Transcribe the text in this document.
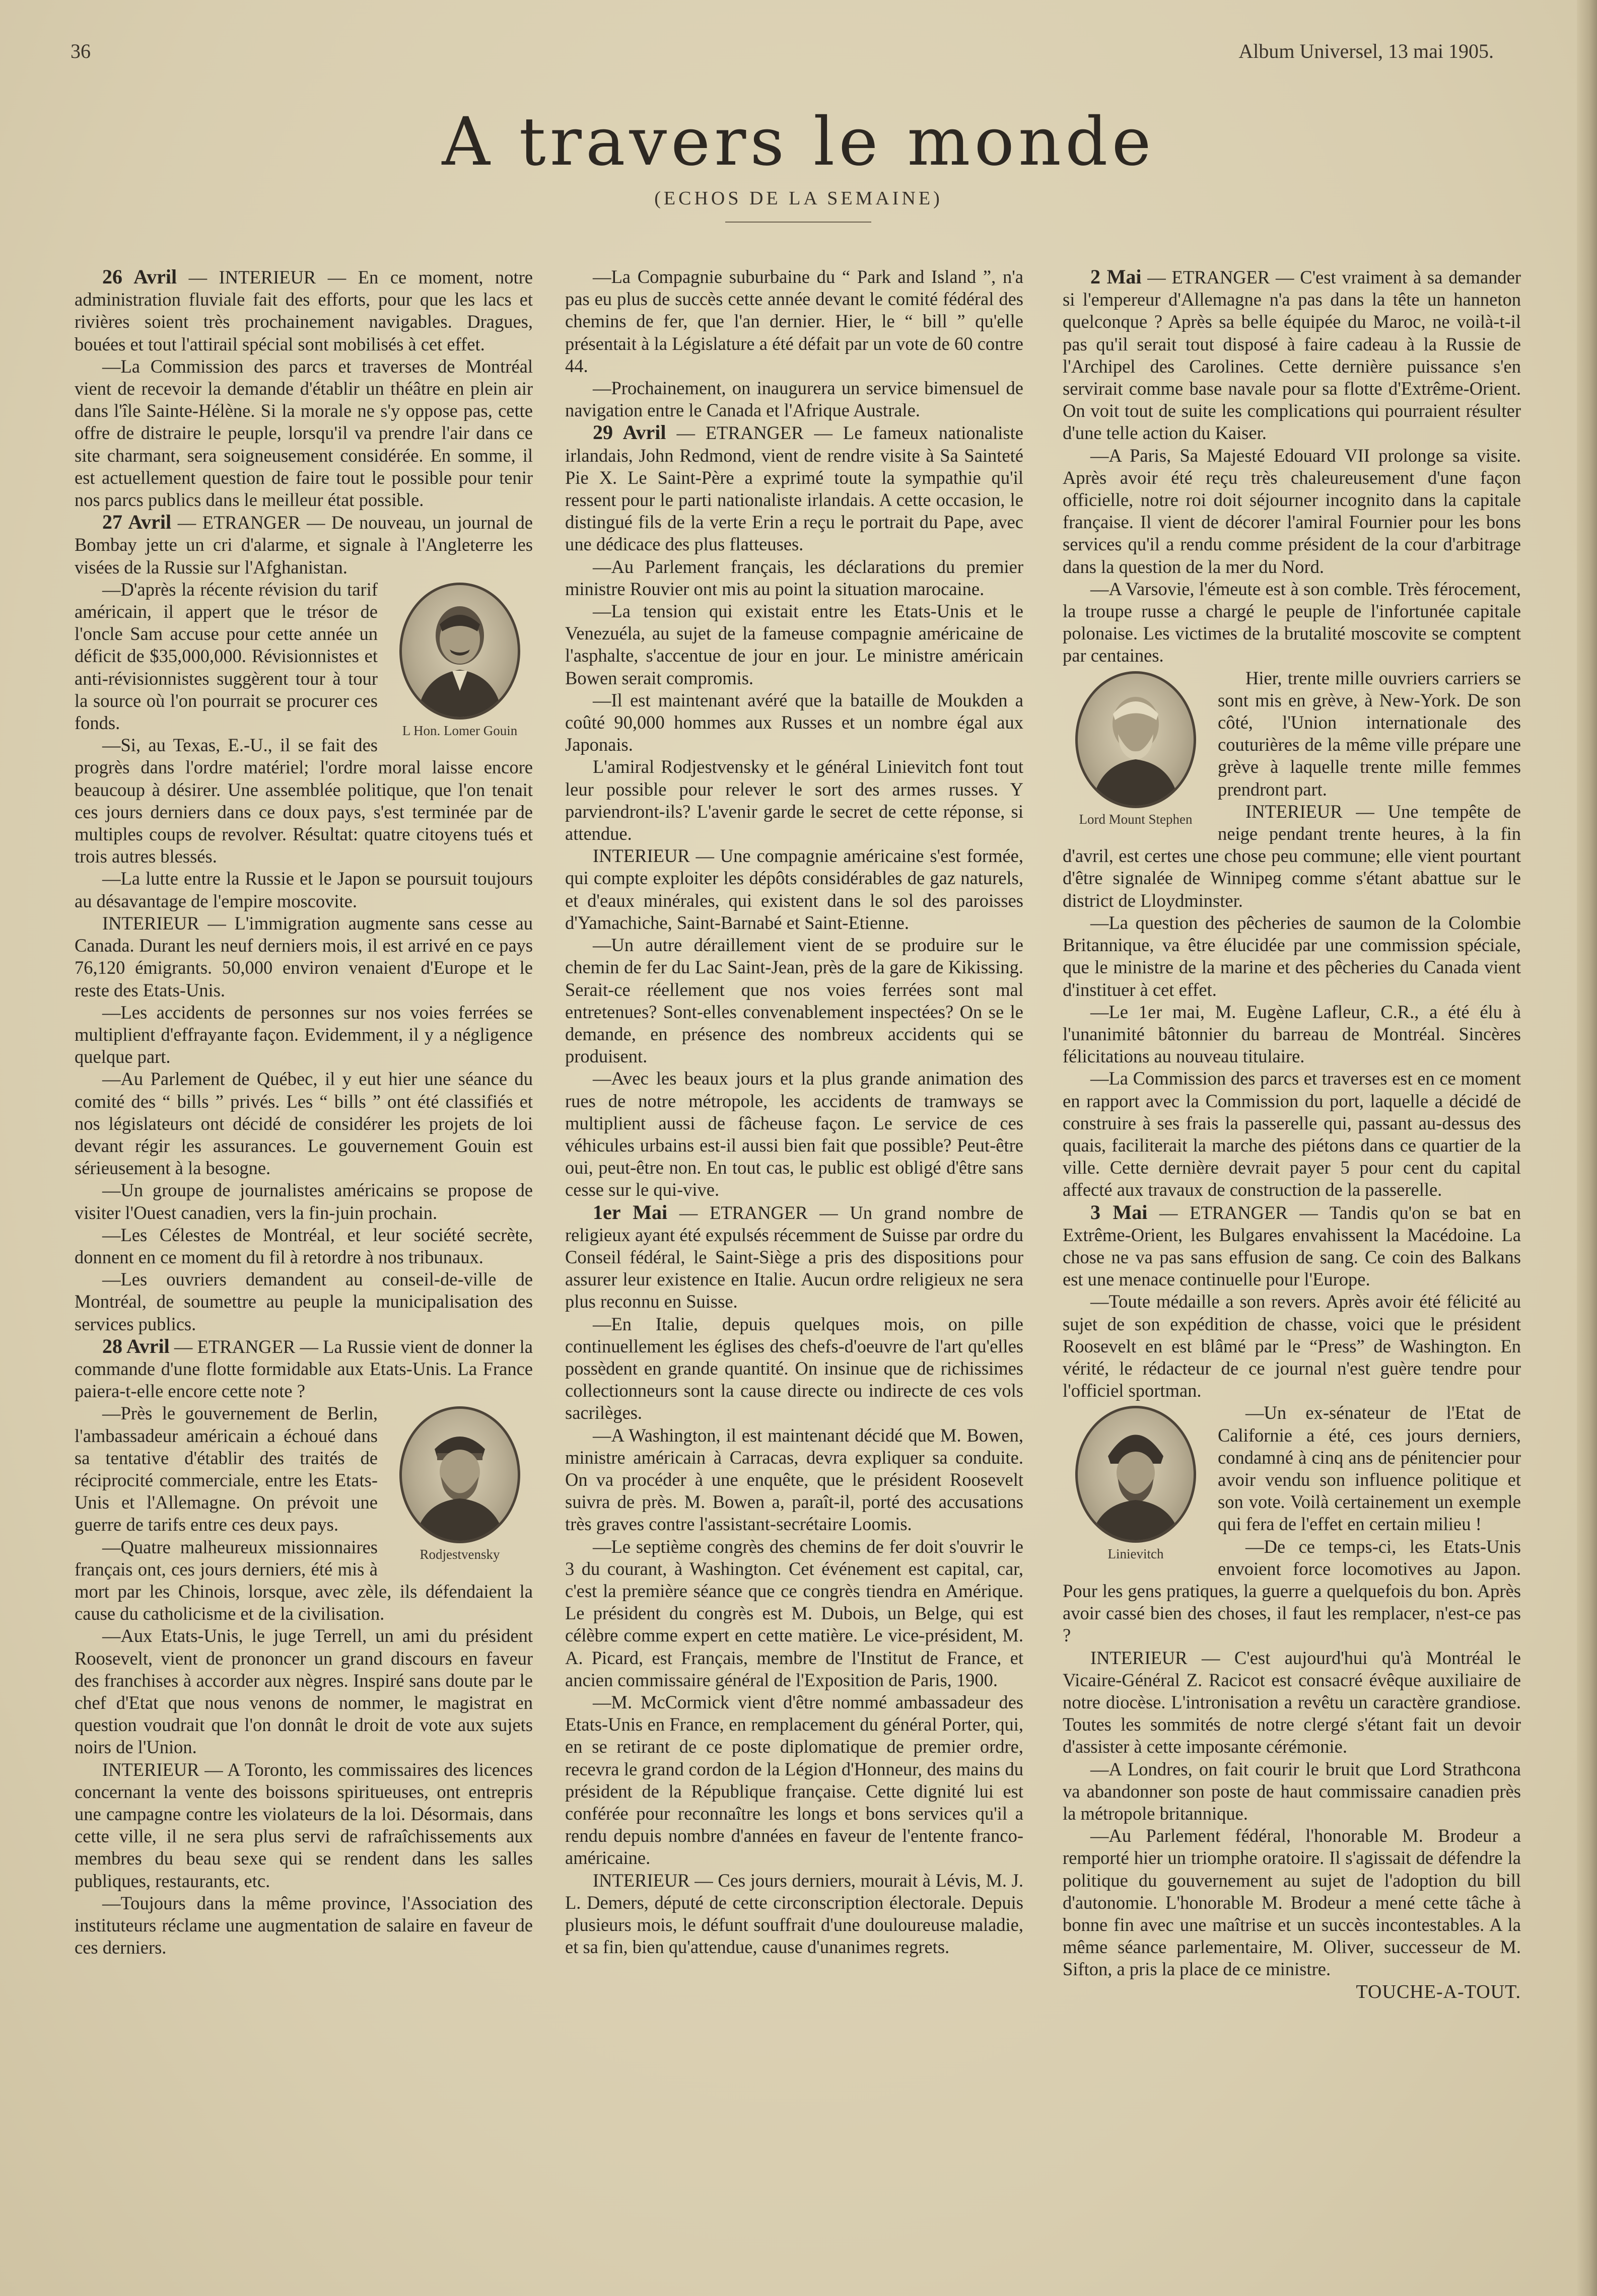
36	Album Universel, 13 mai 1905.
A travers le monde
(ECHOS DE LA SEMAINE)

26 Avril — INTERIEUR — En ce moment, notre administration fluviale fait des efforts, pour que les lacs et rivières soient très prochainement navigables. Dragues, bouées et tout l'attirail spécial sont mobilisés à cet effet.

—La Commission des parcs et traverses de Montréal vient de recevoir la demande d'établir un théâtre en plein air dans l'île Sainte-Hélène. Si la morale ne s'y oppose pas, cette offre de distraire le peuple, lorsqu'il va prendre l'air dans ce site charmant, sera soigneusement considérée. En somme, il est actuellement question de faire tout le possible pour tenir nos parcs publics dans le meilleur état possible.

27 Avril — ETRANGER — De nouveau, un journal de Bombay jette un cri d'alarme, et signale à l'Angleterre les visées de la Russie sur l'Afghanistan.

L Hon. Lomer Gouin

—D'après la récente révision du tarif américain, il appert que le trésor de l'oncle Sam accuse pour cette année un déficit de $35,000,000. Révisionnistes et anti-révisionnistes suggèrent tour à tour la source où l'on pourrait se procurer ces fonds.

—Si, au Texas, E.-U., il se fait des progrès dans l'ordre matériel; l'ordre moral laisse encore beaucoup à désirer. Une assemblée politique, que l'on tenait ces jours derniers dans ce doux pays, s'est terminée par de multiples coups de revolver. Résultat: quatre citoyens tués et trois autres blessés.

—La lutte entre la Russie et le Japon se poursuit toujours au désavantage de l'empire moscovite.

INTERIEUR — L'immigration augmente sans cesse au Canada. Durant les neuf derniers mois, il est arrivé en ce pays 76,120 émigrants. 50,000 environ venaient d'Europe et le reste des Etats-Unis.

—Les accidents de personnes sur nos voies ferrées se multiplient d'effrayante façon. Evidemment, il y a négligence quelque part.

—Au Parlement de Québec, il y eut hier une séance du comité des “ bills ” privés. Les “ bills ” ont été classifiés et nos législateurs ont décidé de considérer les projets de loi devant régir les assurances. Le gouvernement Gouin est sérieusement à la besogne.

—Un groupe de journalistes américains se propose de visiter l'Ouest canadien, vers la fin-juin prochain.

—Les Célestes de Montréal, et leur société secrète, donnent en ce moment du fil à retordre à nos tribunaux.

—Les ouvriers demandent au conseil-de-ville de Montréal, de soumettre au peuple la municipalisation des services publics.

28 Avril — ETRANGER — La Russie vient de donner la commande d'une flotte formidable aux Etats-Unis. La France paiera-t-elle encore cette note ?

Rodjestvensky

—Près le gouvernement de Berlin, l'ambassadeur américain a échoué dans sa tentative d'établir des traités de réciprocité commerciale, entre les Etats-Unis et l'Allemagne. On prévoit une guerre de tarifs entre ces deux pays.

—Quatre malheureux missionnaires français ont, ces jours derniers, été mis à mort par les Chinois, lorsque, avec zèle, ils défendaient la cause du catholicisme et de la civilisation.

—Aux Etats-Unis, le juge Terrell, un ami du président Roosevelt, vient de prononcer un grand discours en faveur des franchises à accorder aux nègres. Inspiré sans doute par le chef d'Etat que nous venons de nommer, le magistrat en question voudrait que l'on donnât le droit de vote aux sujets noirs de l'Union.

INTERIEUR — A Toronto, les commissaires des licences concernant la vente des boissons spiritueuses, ont entrepris une campagne contre les violateurs de la loi. Désormais, dans cette ville, il ne sera plus servi de rafraîchissements aux membres du beau sexe qui se rendent dans les salles publiques, restaurants, etc.

—Toujours dans la même province, l'Association des instituteurs réclame une augmentation de salaire en faveur de ces derniers.

—La Compagnie suburbaine du “ Park and Island ”, n'a pas eu plus de succès cette année devant le comité fédéral des chemins de fer, que l'an dernier. Hier, le “ bill ” qu'elle présentait à la Législature a été défait par un vote de 60 contre 44.

—Prochainement, on inaugurera un service bimensuel de navigation entre le Canada et l'Afrique Australe.

29 Avril — ETRANGER — Le fameux nationaliste irlandais, John Redmond, vient de rendre visite à Sa Sainteté Pie X. Le Saint-Père a exprimé toute la sympathie qu'il ressent pour le parti nationaliste irlandais. A cette occasion, le distingué fils de la verte Erin a reçu le portrait du Pape, avec une dédicace des plus flatteuses.

—Au Parlement français, les déclarations du premier ministre Rouvier ont mis au point la situation marocaine.

—La tension qui existait entre les Etats-Unis et le Venezuéla, au sujet de la fameuse compagnie américaine de l'asphalte, s'accentue de jour en jour. Le ministre américain Bowen serait compromis.

—Il est maintenant avéré que la bataille de Moukden a coûté 90,000 hommes aux Russes et un nombre égal aux Japonais.

L'amiral Rodjestvensky et le général Linievitch font tout leur possible pour relever le sort des armes russes. Y parviendront-ils? L'avenir garde le secret de cette réponse, si attendue.

INTERIEUR — Une compagnie américaine s'est formée, qui compte exploiter les dépôts considérables de gaz naturels, et d'eaux minérales, qui existent dans le sol des paroisses d'Yamachiche, Saint-Barnabé et Saint-Etienne.

—Un autre déraillement vient de se produire sur le chemin de fer du Lac Saint-Jean, près de la gare de Kikissing. Serait-ce réellement que nos voies ferrées sont mal entretenues? Sont-elles convenablement inspectées? On se le demande, en présence des nombreux accidents qui se produisent.

—Avec les beaux jours et la plus grande animation des rues de notre métropole, les accidents de tramways se multiplient aussi de fâcheuse façon. Le service de ces véhicules urbains est-il aussi bien fait que possible? Peut-être oui, peut-être non. En tout cas, le public est obligé d'être sans cesse sur le qui-vive.

1er Mai — ETRANGER — Un grand nombre de religieux ayant été expulsés récemment de Suisse par ordre du Conseil fédéral, le Saint-Siège a pris des dispositions pour assurer leur existence en Italie. Aucun ordre religieux ne sera plus reconnu en Suisse.

—En Italie, depuis quelques mois, on pille continuellement les églises des chefs-d'oeuvre de l'art qu'elles possèdent en grande quantité. On insinue que de richissimes collectionneurs sont la cause directe ou indirecte de ces vols sacrilèges.

—A Washington, il est maintenant décidé que M. Bowen, ministre américain à Carracas, devra expliquer sa conduite. On va procéder à une enquête, que le président Roosevelt suivra de près. M. Bowen a, paraît-il, porté des accusations très graves contre l'assistant-secrétaire Loomis.

—Le septième congrès des chemins de fer doit s'ouvrir le 3 du courant, à Washington. Cet événement est capital, car, c'est la première séance que ce congrès tiendra en Amérique. Le président du congrès est M. Dubois, un Belge, qui est célèbre comme expert en cette matière. Le vice-président, M. A. Picard, est Français, membre de l'Institut de France, et ancien commissaire général de l'Exposition de Paris, 1900.

—M. McCormick vient d'être nommé ambassadeur des Etats-Unis en France, en remplacement du général Porter, qui, en se retirant de ce poste diplomatique de premier ordre, recevra le grand cordon de la Légion d'Honneur, des mains du président de la République française. Cette dignité lui est conférée pour reconnaître les longs et bons services qu'il a rendu depuis nombre d'années en faveur de l'entente franco-américaine.

INTERIEUR — Ces jours derniers, mourait à Lévis, M. J. L. Demers, député de cette circonscription électorale. Depuis plusieurs mois, le défunt souffrait d'une douloureuse maladie, et sa fin, bien qu'attendue, cause d'unanimes regrets.

2 Mai — ETRANGER — C'est vraiment à sa demander si l'empereur d'Allemagne n'a pas dans la tête un hanneton quelconque ? Après sa belle équipée du Maroc, ne voilà-t-il pas qu'il serait tout disposé à faire cadeau à la Russie de l'Archipel des Carolines. Cette dernière puissance s'en servirait comme base navale pour sa flotte d'Extrême-Orient. On voit tout de suite les complications qui pourraient résulter d'une telle action du Kaiser.

—A Paris, Sa Majesté Edouard VII prolonge sa visite. Après avoir été reçu très chaleureusement d'une façon officielle, notre roi doit séjourner incognito dans la capitale française. Il vient de décorer l'amiral Fournier pour les bons services qu'il a rendu comme président de la cour d'arbitrage dans la question de la mer du Nord.

—A Varsovie, l'émeute est à son comble. Très férocement, la troupe russe a chargé le peuple de l'infortunée capitale polonaise. Les victimes de la brutalité moscovite se comptent par centaines.

Lord Mount Stephen

Hier, trente mille ouvriers carriers se sont mis en grève, à New-York. De son côté, l'Union internationale des couturières de la même ville prépare une grève à laquelle trente mille femmes prendront part.

INTERIEUR — Une tempête de neige pendant trente heures, à la fin d'avril, est certes une chose peu commune; elle vient pourtant d'être signalée de Winnipeg comme s'étant abattue sur le district de Lloydminster.

—La question des pêcheries de saumon de la Colombie Britannique, va être élucidée par une commission spéciale, que le ministre de la marine et des pêcheries du Canada vient d'instituer à cet effet.

—Le 1er mai, M. Eugène Lafleur, C.R., a été élu à l'unanimité bâtonnier du barreau de Montréal. Sincères félicitations au nouveau titulaire.

—La Commission des parcs et traverses est en ce moment en rapport avec la Commission du port, laquelle a décidé de construire à ses frais la passerelle qui, passant au-dessus des quais, faciliterait la marche des piétons dans ce quartier de la ville. Cette dernière devrait payer 5 pour cent du capital affecté aux travaux de construction de la passerelle.

3 Mai — ETRANGER — Tandis qu'on se bat en Extrême-Orient, les Bulgares envahissent la Macédoine. La chose ne va pas sans effusion de sang. Ce coin des Balkans est une menace continuelle pour l'Europe.

—Toute médaille a son revers. Après avoir été félicité au sujet de son expédition de chasse, voici que le président Roosevelt en est blâmé par le “Press” de Washington. En vérité, le rédacteur de ce journal n'est guère tendre pour l'officiel sportman.

Linievitch

—Un ex-sénateur de l'Etat de Californie a été, ces jours derniers, condamné à cinq ans de pénitencier pour avoir vendu son influence politique et son vote. Voilà certainement un exemple qui fera de l'effet en certain milieu !

—De ce temps-ci, les Etats-Unis envoient force locomotives au Japon. Pour les gens pratiques, la guerre a quelquefois du bon. Après avoir cassé bien des choses, il faut les remplacer, n'est-ce pas ?

INTERIEUR — C'est aujourd'hui qu'à Montréal le Vicaire-Général Z. Racicot est consacré évêque auxiliaire de notre diocèse. L'intronisation a revêtu un caractère grandiose. Toutes les sommités de notre clergé s'étant fait un devoir d'assister à cette imposante cérémonie.

—A Londres, on fait courir le bruit que Lord Strathcona va abandonner son poste de haut commissaire canadien près la métropole britannique.

—Au Parlement fédéral, l'honorable M. Brodeur a remporté hier un triomphe oratoire. Il s'agissait de défendre la politique du gouvernement au sujet de l'adoption du bill d'autonomie. L'honorable M. Brodeur a mené cette tâche à bonne fin avec une maîtrise et un succès incontestables. A la même séance parlementaire, M. Oliver, successeur de M. Sifton, a pris la place de ce ministre.

TOUCHE-A-TOUT.
